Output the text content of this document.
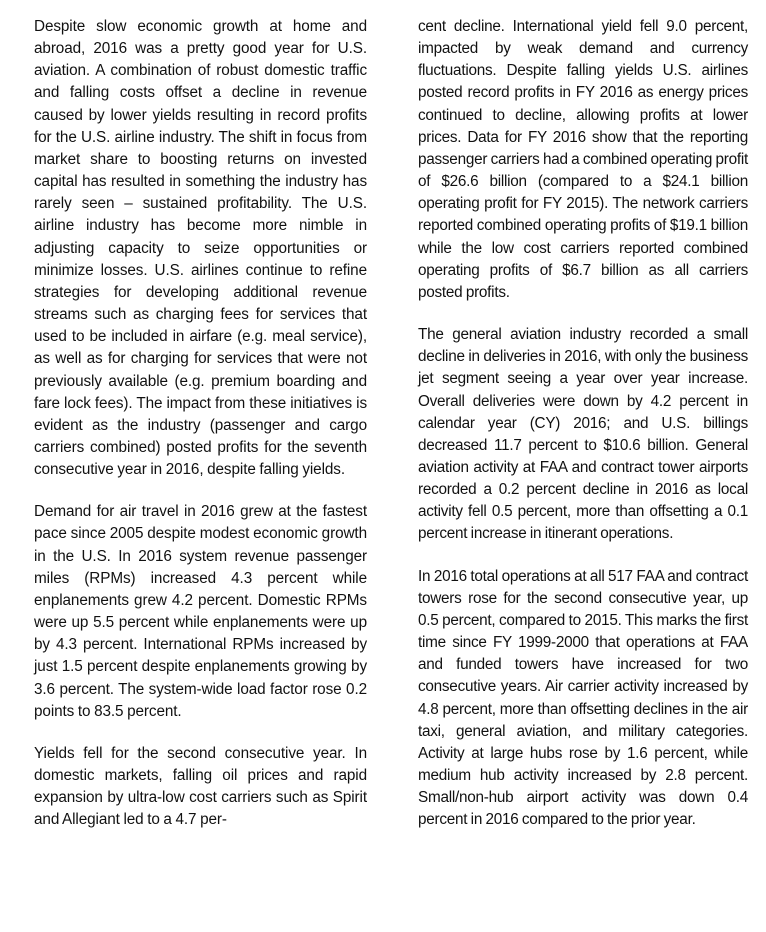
Despite slow economic growth at home and abroad, 2016 was a pretty good year for U.S. aviation. A combination of robust domestic traffic and falling costs offset a decline in revenue caused by lower yields resulting in record profits for the U.S. airline industry. The shift in focus from market share to boosting returns on invested capital has resulted in something the industry has rarely seen – sustained profitability. The U.S. airline industry has become more nimble in adjusting capacity to seize opportunities or minimize losses. U.S. airlines continue to refine strategies for developing additional revenue streams such as charging fees for services that used to be included in airfare (e.g. meal service), as well as for charging for services that were not previously available (e.g. premium boarding and fare lock fees). The impact from these initiatives is evident as the industry (passenger and cargo carriers combined) posted profits for the seventh consecutive year in 2016, despite falling yields.

Demand for air travel in 2016 grew at the fastest pace since 2005 despite modest economic growth in the U.S. In 2016 system revenue passenger miles (RPMs) increased 4.3 percent while enplanements grew 4.2 percent. Domestic RPMs were up 5.5 percent while enplanements were up by 4.3 percent. International RPMs increased by just 1.5 percent despite enplanements growing by 3.6 percent. The system-wide load factor rose 0.2 points to 83.5 percent.

Yields fell for the second consecutive year. In domestic markets, falling oil prices and rapid expansion by ultra-low cost carriers such as Spirit and Allegiant led to a 4.7 per-

cent decline. International yield fell 9.0 percent, impacted by weak demand and currency fluctuations. Despite falling yields U.S. airlines posted record profits in FY 2016 as energy prices continued to decline, allowing profits at lower prices. Data for FY 2016 show that the reporting passenger carriers had a combined operating profit of $26.6 billion (compared to a $24.1 billion operating profit for FY 2015). The network carriers reported combined operating profits of $19.1 billion while the low cost carriers reported combined operating profits of $6.7 billion as all carriers posted profits.

The general aviation industry recorded a small decline in deliveries in 2016, with only the business jet segment seeing a year over year increase. Overall deliveries were down by 4.2 percent in calendar year (CY) 2016; and U.S. billings decreased 11.7 percent to $10.6 billion. General aviation activity at FAA and contract tower airports recorded a 0.2 percent decline in 2016 as local activity fell 0.5 percent, more than offsetting a 0.1 percent increase in itinerant operations.

In 2016 total operations at all 517 FAA and contract towers rose for the second consecutive year, up 0.5 percent, compared to 2015. This marks the first time since FY 1999-2000 that operations at FAA and funded towers have increased for two consecutive years. Air carrier activity increased by 4.8 percent, more than offsetting declines in the air taxi, general aviation, and military categories. Activity at large hubs rose by 1.6 percent, while medium hub activity increased by 2.8 percent. Small/non-hub airport activity was down 0.4 percent in 2016 compared to the prior year.
